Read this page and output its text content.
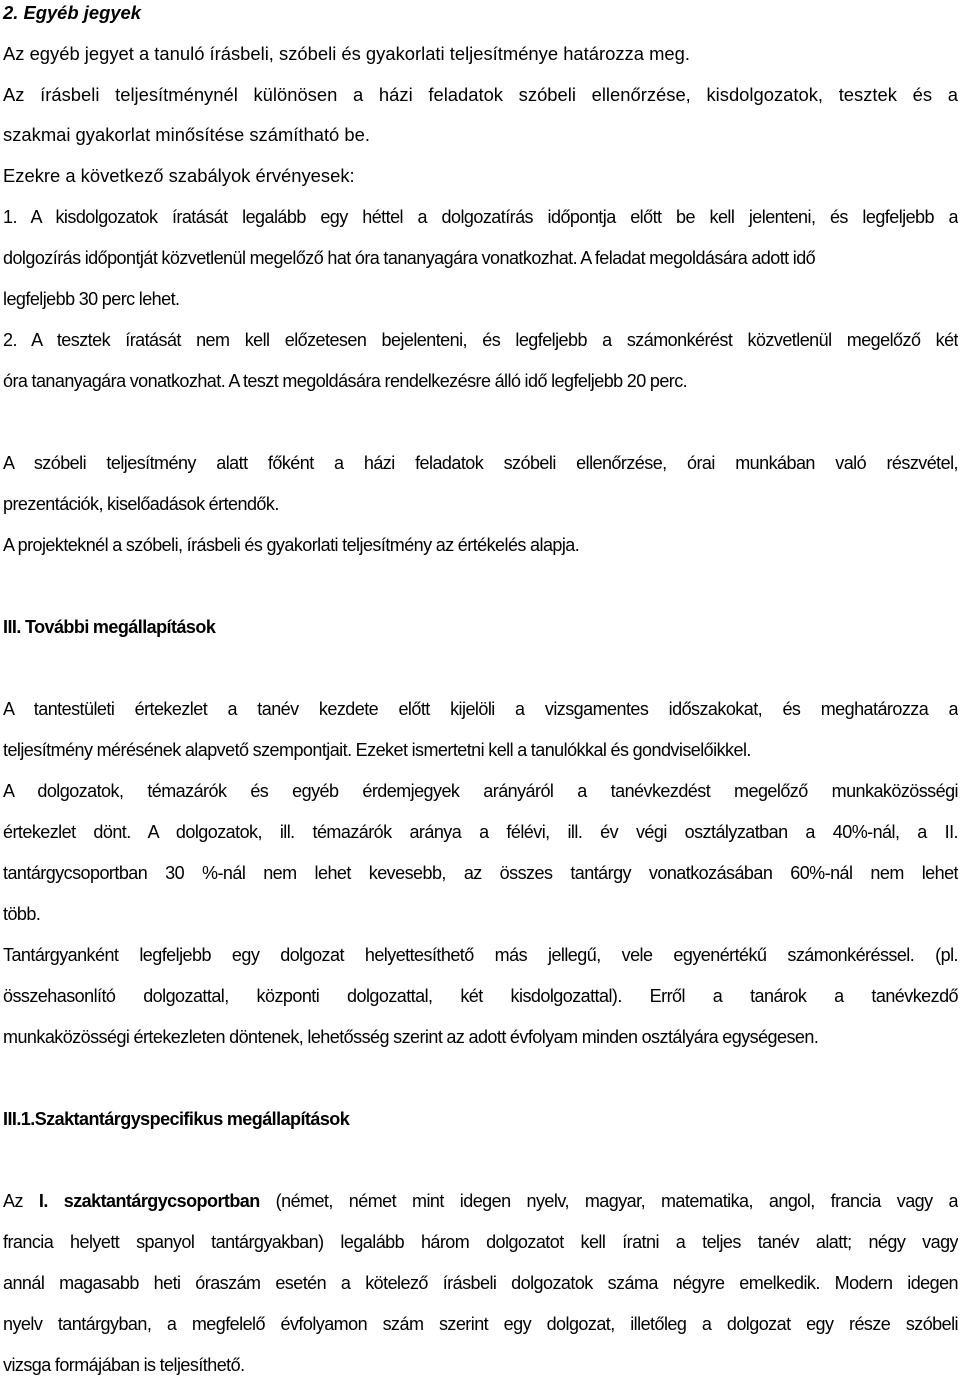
2. Egyéb jegyek
Az egyéb jegyet a tanuló írásbeli, szóbeli és gyakorlati teljesítménye határozza meg.
Az írásbeli teljesítménynél különösen a házi feladatok szóbeli ellenőrzése, kisdolgozatok, tesztek és a
szakmai gyakorlat minősítése számítható be.
Ezekre a következő szabályok érvényesek:
1. A kisdolgozatok íratását legalább egy héttel a dolgozatírás időpontja előtt be kell jelenteni, és legfeljebb a
dolgozírás időpontját közvetlenül megelőző hat óra tananyagára vonatkozhat. A feladat megoldására adott idő
legfeljebb 30 perc lehet.
2. A tesztek íratását nem kell előzetesen bejelenteni, és legfeljebb a számonkérést közvetlenül megelőző két
óra tananyagára vonatkozhat. A teszt megoldására rendelkezésre álló idő legfeljebb 20 perc.
A szóbeli teljesítmény alatt főként a házi feladatok szóbeli ellenőrzése, órai munkában való részvétel,
prezentációk, kiselőadások értendők.
A projekteknél a szóbeli, írásbeli és gyakorlati teljesítmény az értékelés alapja.
III. További megállapítások
A tantestületi értekezlet a tanév kezdete előtt kijelöli a vizsgamentes időszakokat, és meghatározza a
teljesítmény mérésének alapvető szempontjait. Ezeket ismertetni kell a tanulókkal és gondviselőikkel.
A dolgozatok, témazárók és egyéb érdemjegyek arányáról a tanévkezdést megelőző munkaközösségi
értekezlet dönt. A dolgozatok, ill. témazárók aránya a félévi, ill. év végi osztályzatban a 40%-nál, a II.
tantárgycsoportban 30 %-nál nem lehet kevesebb, az összes tantárgy vonatkozásában 60%-nál nem lehet
több.
Tantárgyanként legfeljebb egy dolgozat helyettesíthető más jellegű, vele egyenértékű számonkéréssel. (pl.
összehasonlító dolgozattal, központi dolgozattal, két kisdolgozattal). Erről a tanárok a tanévkezdő
munkaközösségi értekezleten döntenek, lehetősség szerint az adott évfolyam minden osztályára egységesen.
III.1.Szaktantárgyspecifikus megállapítások
Az I. szaktantárgycsoportban (német, német mint idegen nyelv, magyar, matematika, angol, francia vagy a
francia helyett spanyol tantárgyakban) legalább három dolgozatot kell íratni a teljes tanév alatt; négy vagy
annál magasabb heti óraszám esetén a kötelező írásbeli dolgozatok száma négyre emelkedik. Modern idegen
nyelv tantárgyban, a megfelelő évfolyamon szám szerint egy dolgozat, illetőleg a dolgozat egy része szóbeli
vizsga formájában is teljesíthető.
